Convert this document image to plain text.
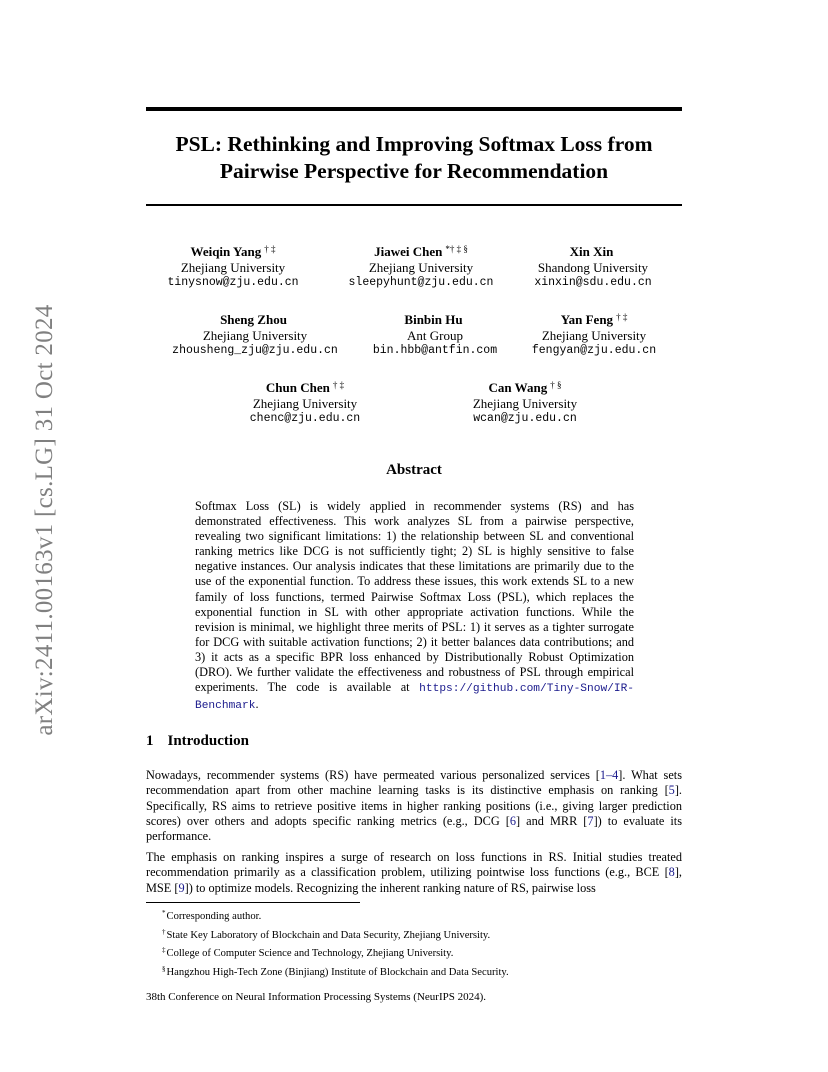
arXiv:2411.00163v1 [cs.LG] 31 Oct 2024
PSL: Rethinking and Improving Softmax Loss from
Pairwise Perspective for Recommendation
Weiqin Yang † ‡
Zhejiang University
tinysnow@zju.edu.cn
Jiawei Chen *† ‡ §
Zhejiang University
sleepyhunt@zju.edu.cn
Xin Xin
Shandong University
xinxin@sdu.edu.cn
Sheng Zhou
Zhejiang University
zhousheng_zju@zju.edu.cn
Binbin Hu
Ant Group
bin.hbb@antfin.com
Yan Feng † ‡
Zhejiang University
fengyan@zju.edu.cn
Chun Chen † ‡
Zhejiang University
chenc@zju.edu.cn
Can Wang † §
Zhejiang University
wcan@zju.edu.cn
Abstract

Softmax Loss (SL) is widely applied in recommender systems (RS) and has demonstrated effectiveness. This work analyzes SL from a pairwise perspective, revealing two significant limitations: 1) the relationship between SL and conventional ranking metrics like DCG is not sufficiently tight; 2) SL is highly sensitive to false negative instances. Our analysis indicates that these limitations are primarily due to the use of the exponential function. To address these issues, this work extends SL to a new family of loss functions, termed Pairwise Softmax Loss (PSL), which replaces the exponential function in SL with other appropriate activation functions. While the revision is minimal, we highlight three merits of PSL: 1) it serves as a tighter surrogate for DCG with suitable activation functions; 2) it better balances data contributions; and 3) it acts as a specific BPR loss enhanced by Distributionally Robust Optimization (DRO). We further validate the effectiveness and robustness of PSL through empirical experiments. The code is available at https://github.com/Tiny-Snow/IR-Benchmark.

1 Introduction

Nowadays, recommender systems (RS) have permeated various personalized services [1–4]. What sets recommendation apart from other machine learning tasks is its distinctive emphasis on ranking [5]. Specifically, RS aims to retrieve positive items in higher ranking positions (i.e., giving larger prediction scores) over others and adopts specific ranking metrics (e.g., DCG [6] and MRR [7]) to evaluate its performance.

The emphasis on ranking inspires a surge of research on loss functions in RS. Initial studies treated recommendation primarily as a classification problem, utilizing pointwise loss functions (e.g., BCE [8], MSE [9]) to optimize models. Recognizing the inherent ranking nature of RS, pairwise loss

*Corresponding author.
†State Key Laboratory of Blockchain and Data Security, Zhejiang University.
‡College of Computer Science and Technology, Zhejiang University.
§Hangzhou High-Tech Zone (Binjiang) Institute of Blockchain and Data Security.
38th Conference on Neural Information Processing Systems (NeurIPS 2024).
